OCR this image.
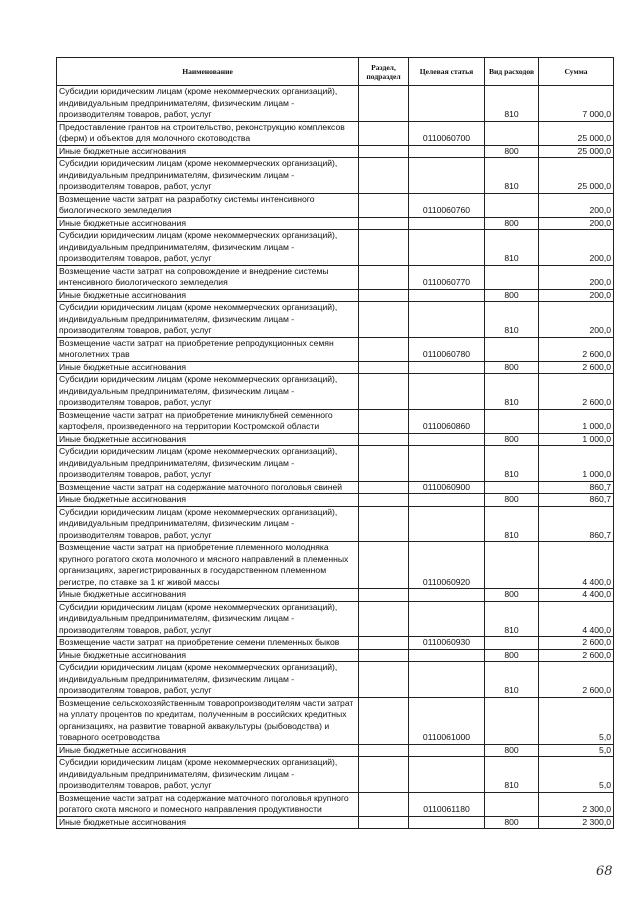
Наименование	Раздел, подраздел	Целевая статья	Вид расходов	Сумма
Субсидии юридическим лицам (кроме некоммерческих организаций), индивидуальным предпринимателям, физическим лицам - производителям товаров, работ, услуг			810	7 000,0
Предоставление грантов на строительство, реконструкцию комплексов (ферм) и объектов для молочного скотоводства		0110060700		25 000,0
Иные бюджетные ассигнования			800	25 000,0
Субсидии юридическим лицам (кроме некоммерческих организаций), индивидуальным предпринимателям, физическим лицам - производителям товаров, работ, услуг			810	25 000,0
Возмещение части затрат на разработку системы интенсивного биологического земледелия		0110060760		200,0
Иные бюджетные ассигнования			800	200,0
Субсидии юридическим лицам (кроме некоммерческих организаций), индивидуальным предпринимателям, физическим лицам - производителям товаров, работ, услуг			810	200,0
Возмещение части затрат на сопровождение и внедрение системы интенсивного биологического земледелия		0110060770		200,0
Иные бюджетные ассигнования			800	200,0
Субсидии юридическим лицам (кроме некоммерческих организаций), индивидуальным предпринимателям, физическим лицам - производителям товаров, работ, услуг			810	200,0
Возмещение части затрат на приобретение репродукционных семян многолетних трав		0110060780		2 600,0
Иные бюджетные ассигнования			800	2 600,0
Субсидии юридическим лицам (кроме некоммерческих организаций), индивидуальным предпринимателям, физическим лицам - производителям товаров, работ, услуг			810	2 600,0
Возмещение части затрат на приобретение миниклубней семенного картофеля, произведенного на территории Костромской области		0110060860		1 000,0
Иные бюджетные ассигнования			800	1 000,0
Субсидии юридическим лицам (кроме некоммерческих организаций), индивидуальным предпринимателям, физическим лицам - производителям товаров, работ, услуг			810	1 000,0
Возмещение части затрат на содержание маточного поголовья свиней		0110060900		860,7
Иные бюджетные ассигнования			800	860,7
Субсидии юридическим лицам (кроме некоммерческих организаций), индивидуальным предпринимателям, физическим лицам - производителям товаров, работ, услуг			810	860,7
Возмещение части затрат на приобретение племенного молодняка крупного рогатого скота молочного и мясного направлений в племенных организациях, зарегистрированных в государственном племенном регистре, по ставке за 1 кг живой массы		0110060920		4 400,0
Иные бюджетные ассигнования			800	4 400,0
Субсидии юридическим лицам (кроме некоммерческих организаций), индивидуальным предпринимателям, физическим лицам - производителям товаров, работ, услуг			810	4 400,0
Возмещение части затрат на приобретение семени племенных быков		0110060930		2 600,0
Иные бюджетные ассигнования			800	2 600,0
Субсидии юридическим лицам (кроме некоммерческих организаций), индивидуальным предпринимателям, физическим лицам - производителям товаров, работ, услуг			810	2 600,0
Возмещение сельскохозяйственным товаропроизводителям части затрат на уплату процентов по кредитам, полученным в российских кредитных организациях, на развитие товарной аквакультуры (рыбоводства) и товарного осетроводства		0110061000		5,0
Иные бюджетные ассигнования			800	5,0
Субсидии юридическим лицам (кроме некоммерческих организаций), индивидуальным предпринимателям, физическим лицам - производителям товаров, работ, услуг			810	5,0
Возмещение части затрат на содержание маточного поголовья крупного рогатого скота мясного и помесного направления продуктивности		0110061180		2 300,0
Иные бюджетные ассигнования			800	2 300,0
68
